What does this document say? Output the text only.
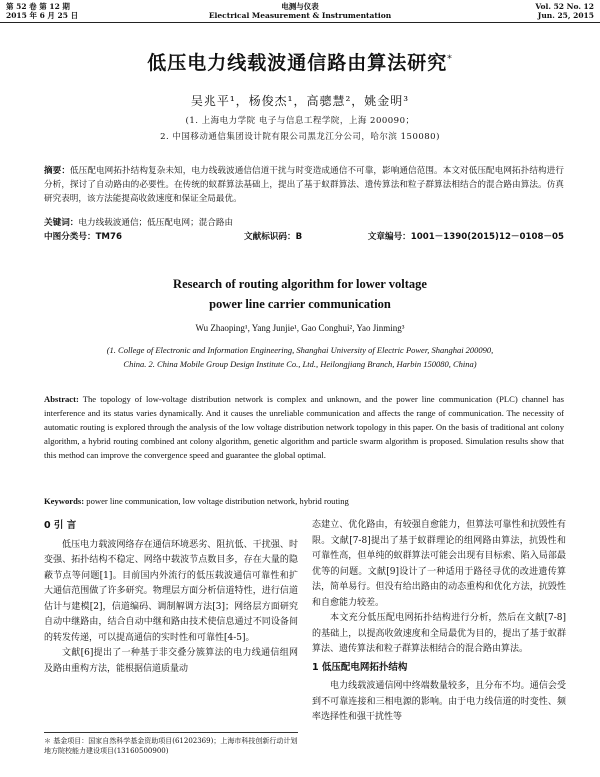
第 52 卷 第 12 期
2015 年 6 月 25 日
电测与仪表
Electrical Measurement & Instrumentation
Vol. 52 No. 12
Jun. 25, 2015
低压电力线载波通信路由算法研究*
吴兆平¹，杨俊杰¹，高骢慧²，姚金明³
(1. 上海电力学院 电子与信息工程学院，上海 200090；
2. 中国移动通信集团设计院有限公司黑龙江分公司，哈尔滨 150080)
摘要：低压配电网拓扑结构复杂未知，电力线载波通信信道干扰与时变造成通信不可靠，影响通信范围。本文对低压配电网拓扑结构进行分析，探讨了自动路由的必要性。在传统的蚁群算法基础上，提出了基于蚁群算法、遗传算法和粒子群算法相结合的混合路由算法。仿真研究表明，该方法能提高收敛速度和保证全局最优。
关键词：电力线载波通信；低压配电网；混合路由
中图分类号：TM76	文献标识码：B	文章编号：1001－1390(2015)12－0108－05
Research of routing algorithm for lower voltage
power line carrier communication
Wu Zhaoping¹, Yang Junjie¹, Gao Conghui², Yao Jinming³
(1. College of Electronic and Information Engineering, Shanghai University of Electric Power, Shanghai 200090,
China. 2. China Mobile Group Design Institute Co., Ltd., Heilongjiang Branch, Harbin 150080, China)
Abstract: The topology of low-voltage distribution network is complex and unknown, and the power line communication (PLC) channel has interference and its status varies dynamically. And it causes the unreliable communication and affects the range of communication. The necessity of automatic routing is explored through the analysis of the low voltage distribution network topology in this paper. On the basis of traditional ant colony algorithm, a hybrid routing combined ant colony algorithm, genetic algorithm and particle swarm algorithm is proposed. Simulation results show that this method can improve the convergence speed and guarantee the global optimal.
Keywords: power line communication, low voltage distribution network, hybrid routing
0 引 言

低压电力载波网络存在通信环境恶劣、阻抗低、干扰强、时变强、拓扑结构不稳定、网络中载波节点数目多，存在大量的隐蔽节点等问题[1]。目前国内外流行的低压载波通信可靠性和扩大通信范围做了许多研究。物理层方面分析信道特性，进行信道估计与建模[2]，信道编码、调制解调方法[3]；网络层方面研究自动中继路由，结合自动中继和路由技术使信息通过不同设备间的转发传递，可以提高通信的实时性和可靠性[4-5]。

文献[6]提出了一种基于非交叠分簇算法的电力线通信组网及路由重构方法，能根据信道质量动

态建立、优化路由，有较强自愈能力，但算法可靠性和抗毁性有限。文献[7-8]提出了基于蚁群理论的组网路由算法，抗毁性和可靠性高，但单纯的蚁群算法可能会出现有目标索、陷入局部最优等的问题。文献[9]设计了一种适用于路径寻优的改进遗传算法，简单易行。但没有给出路由的动态重构和优化方法，抗毁性和自愈能力较差。

本文充分低压配电网拓扑结构进行分析，然后在文献[7-8]的基础上，以提高收敛速度和全局最优为目的，提出了基于蚁群算法、遗传算法和粒子群算法相结合的混合路由算法。

1 低压配电网拓扑结构

电力线载波通信网中终端数量较多，且分布不均。通信会受到不可靠连接和三相电源的影响。由于电力线信道的时变性、频率选择性和强干扰性等

＊ 基金项目：国家自然科学基金资助项目(61202369)；上海市科技创新行动计划地方院校能力建设项目(13160500900)
